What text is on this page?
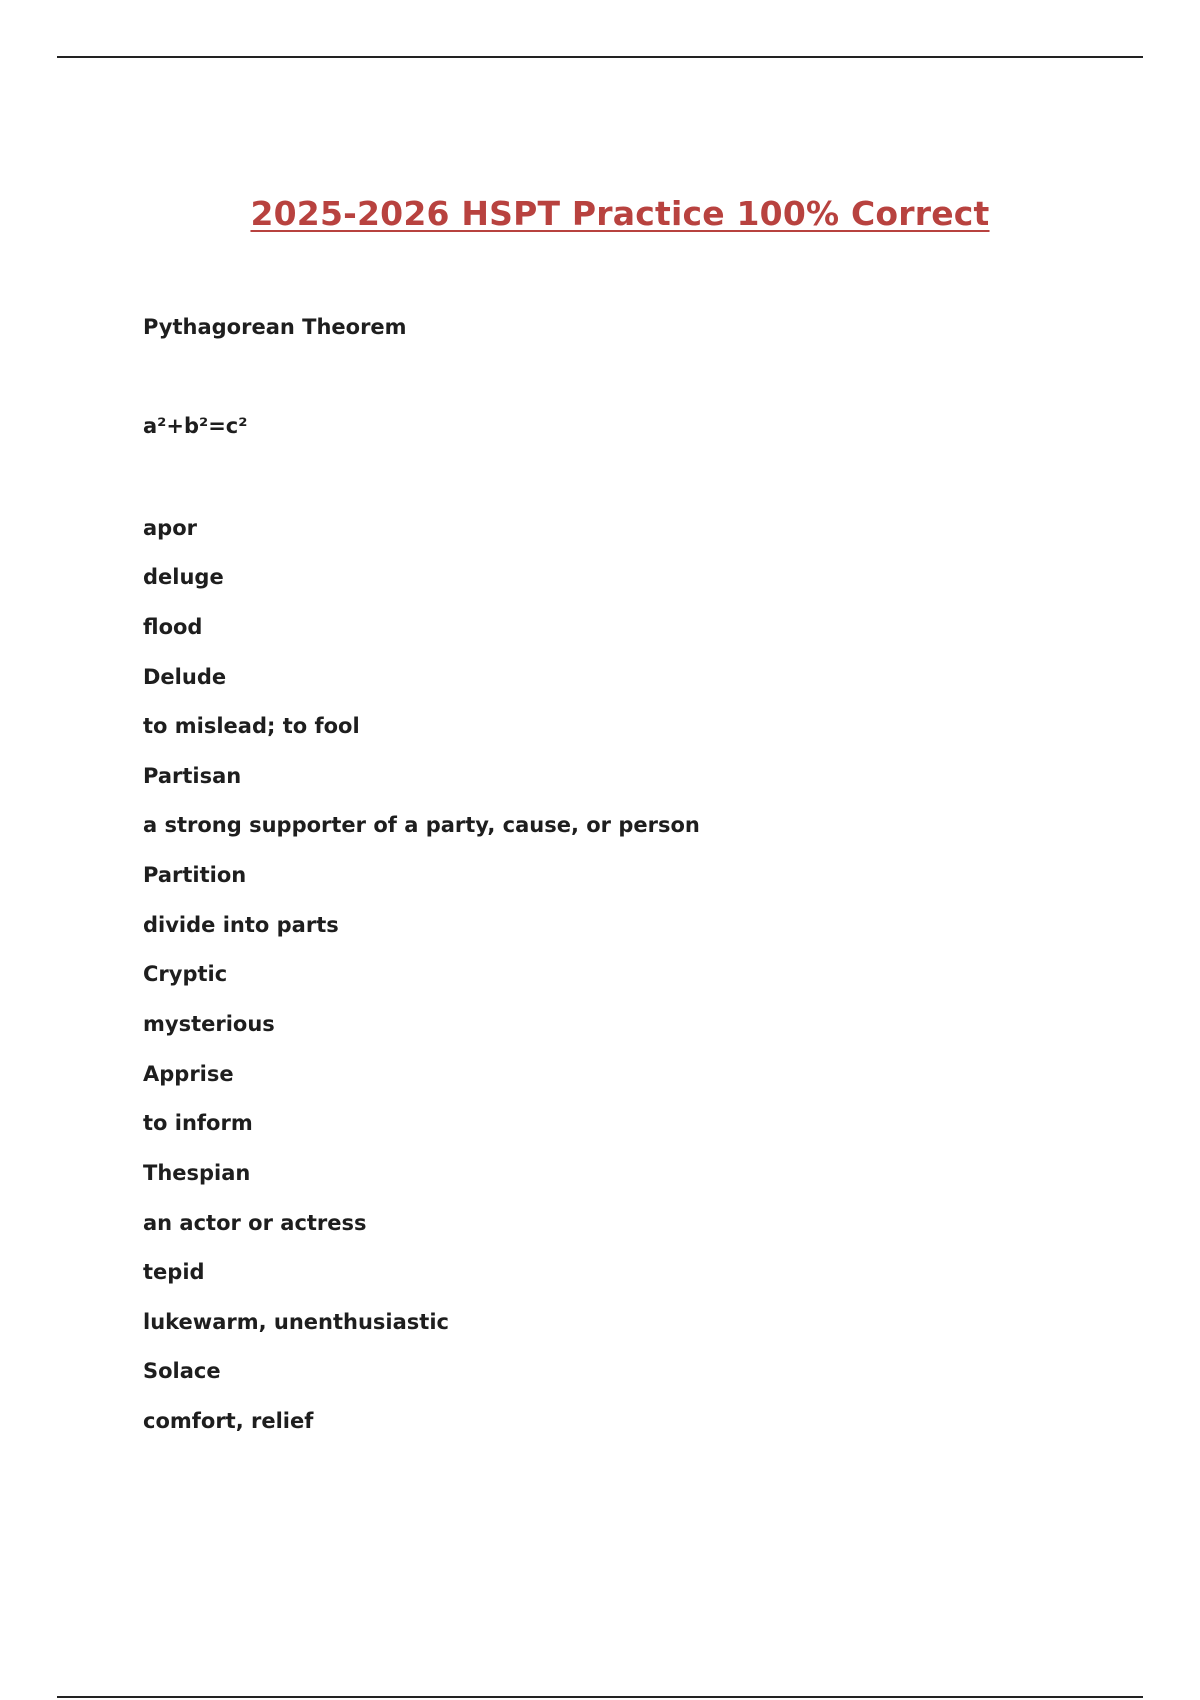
2025-2026 HSPT Practice 100% Correct
Pythagorean Theorem
a²+b²=c²
apor
deluge
flood
Delude
to mislead; to fool
Partisan
a strong supporter of a party, cause, or person
Partition
divide into parts
Cryptic
mysterious
Apprise
to inform
Thespian
an actor or actress
tepid
lukewarm, unenthusiastic
Solace
comfort, relief
